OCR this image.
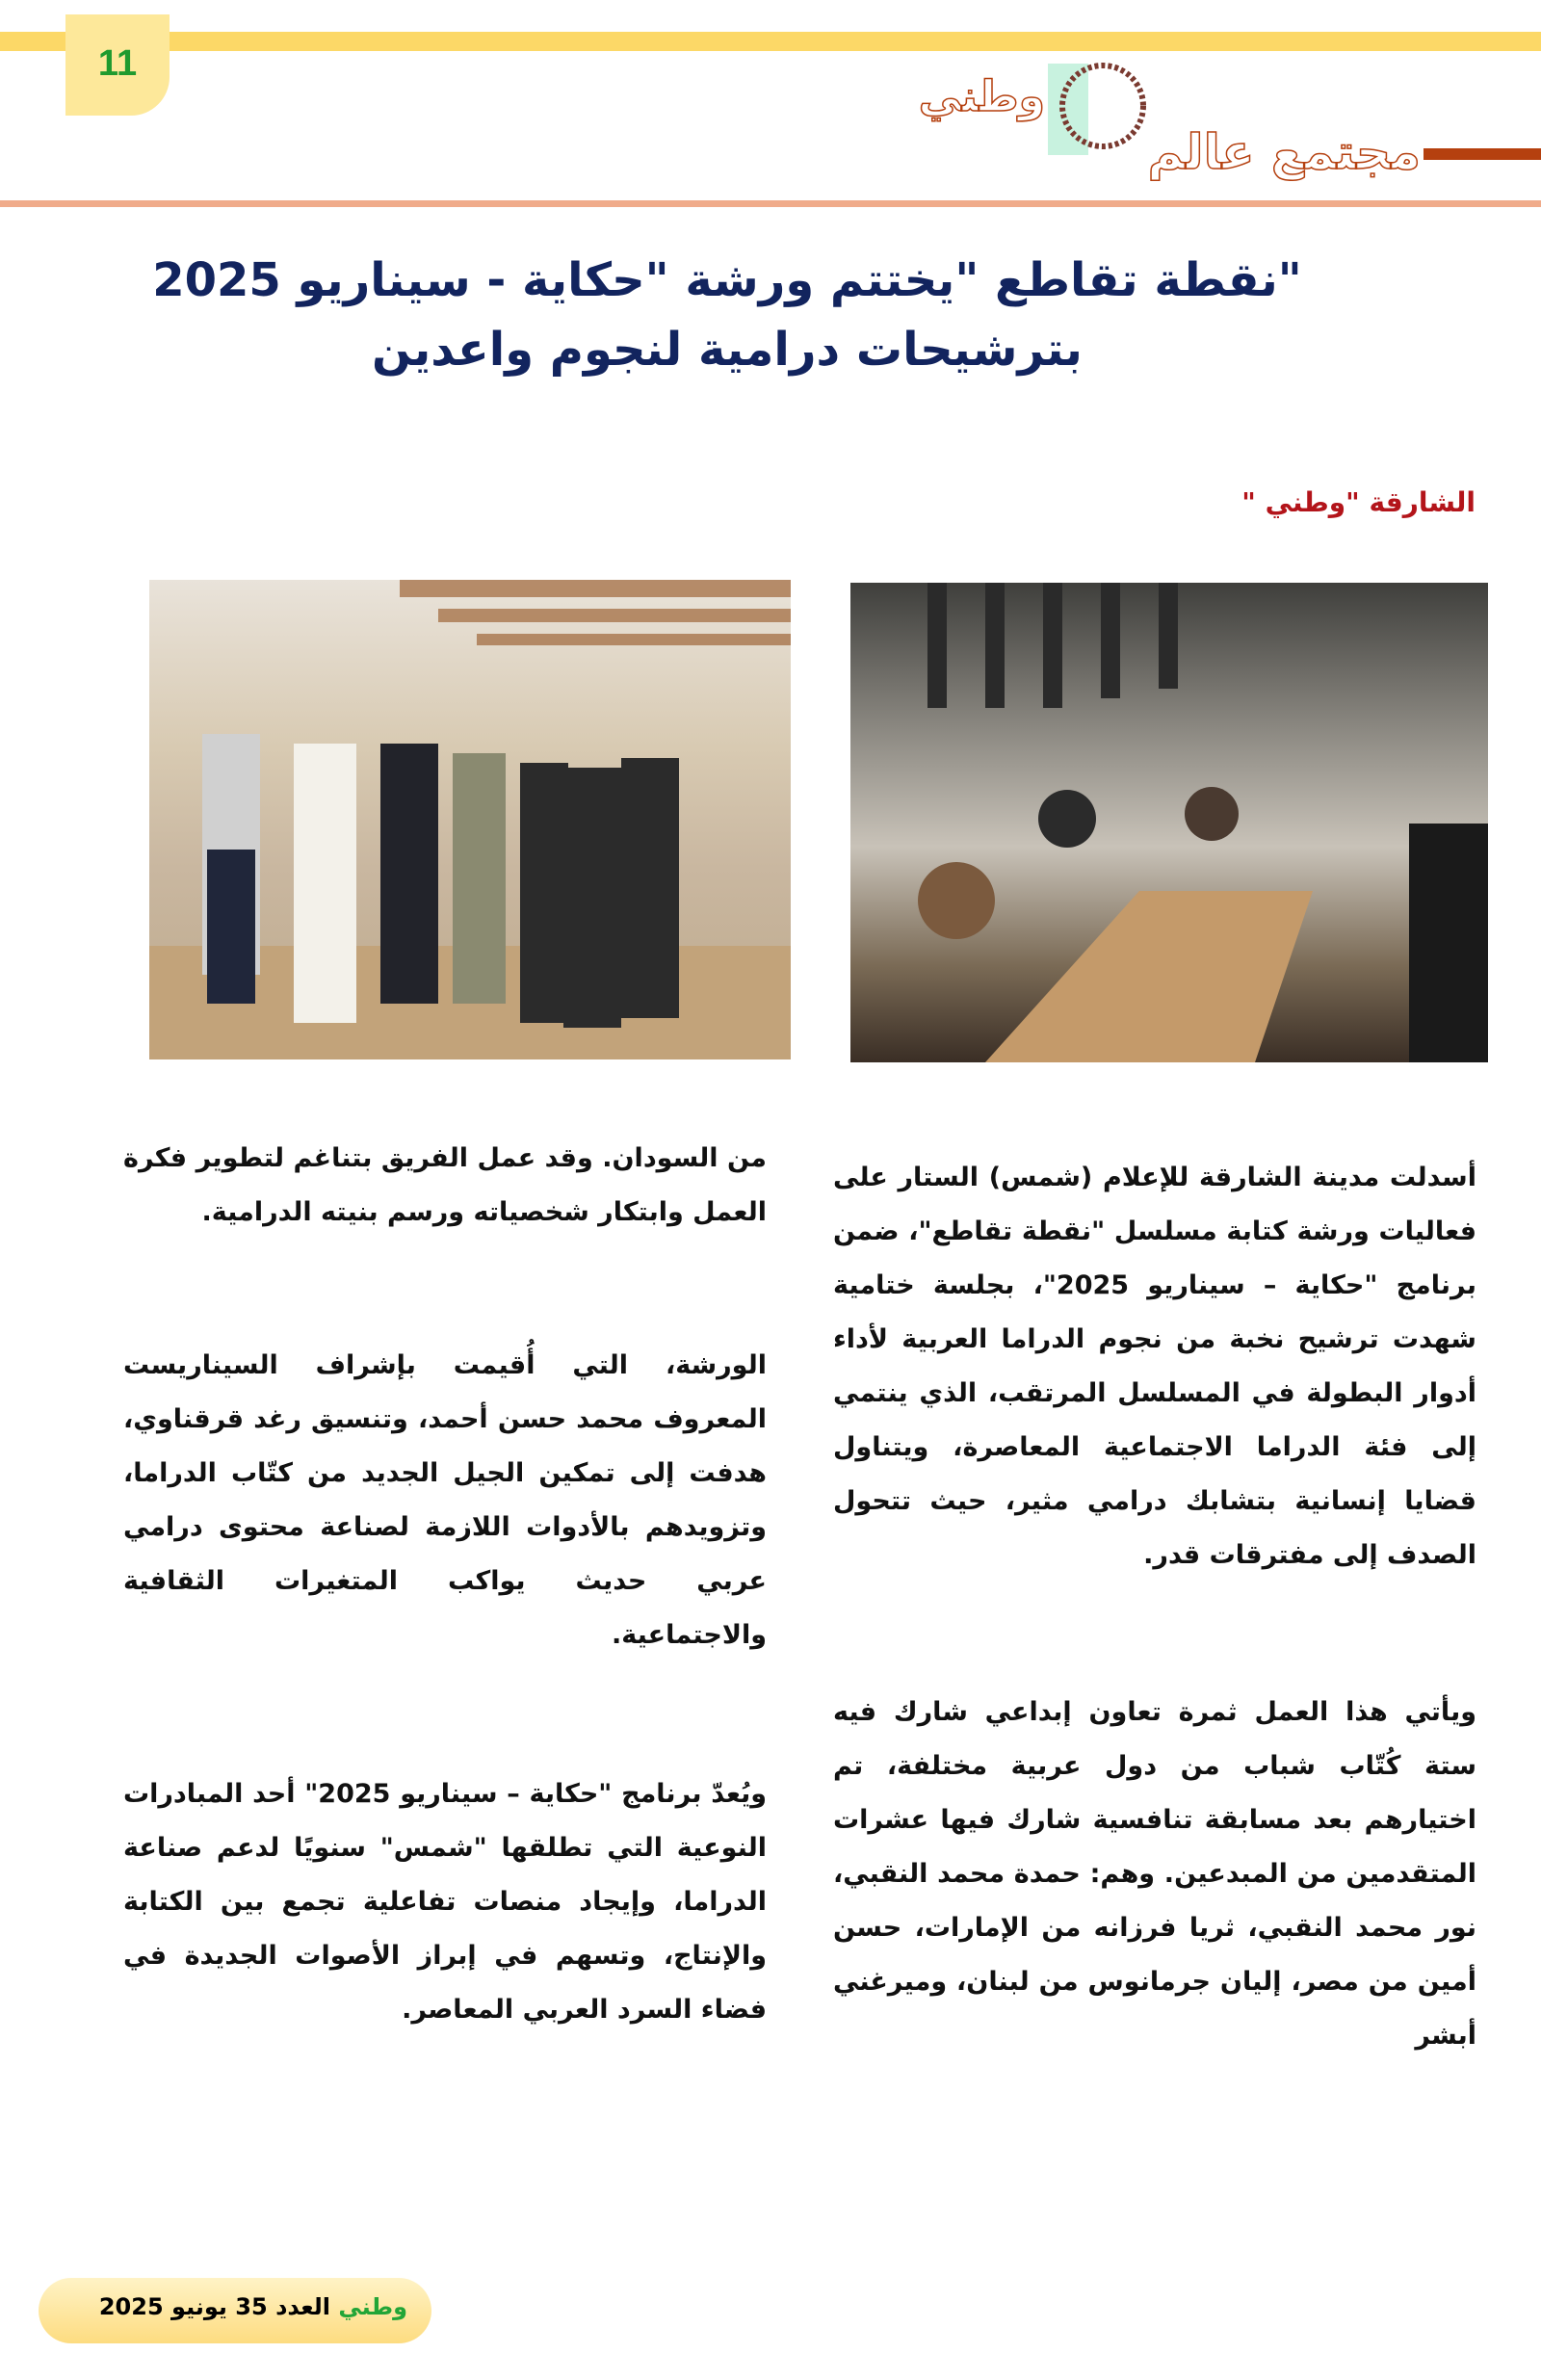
11
وطني
مجتمع عالم
"نقطة تقاطع "يختتم ورشة "حكاية - سيناريو 2025
بترشيحات درامية لنجوم واعدين
الشارقة "وطني "

أسدلت مدينة الشارقة للإعلام (شمس) الستار على فعاليات ورشة كتابة مسلسل "نقطة تقاطع"، ضمن برنامج "حكاية – سيناريو 2025"، بجلسة ختامية شهدت ترشيح نخبة من نجوم الدراما العربية لأداء أدوار البطولة في المسلسل المرتقب، الذي ينتمي إلى فئة الدراما الاجتماعية المعاصرة، ويتناول قضايا إنسانية بتشابك درامي مثير، حيث تتحول الصدف إلى مفترقات قدر.

ويأتي هذا العمل ثمرة تعاون إبداعي شارك فيه ستة كُتّاب شباب من دول عربية مختلفة، تم اختيارهم بعد مسابقة تنافسية شارك فيها عشرات المتقدمين من المبدعين. وهم: حمدة محمد النقبي، نور محمد النقبي، ثريا فرزانه من الإمارات، حسن أمين من مصر، إليان جرمانوس من لبنان، وميرغني أبشر

من السودان. وقد عمل الفريق بتناغم لتطوير فكرة العمل وابتكار شخصياته ورسم بنيته الدرامية.

الورشة، التي أُقيمت بإشراف السيناريست المعروف محمد حسن أحمد، وتنسيق رغد قرقناوي، هدفت إلى تمكين الجيل الجديد من كتّاب الدراما، وتزويدهم بالأدوات اللازمة لصناعة محتوى درامي عربي حديث يواكب المتغيرات الثقافية والاجتماعية.

ويُعدّ برنامج "حكاية – سيناريو 2025" أحد المبادرات النوعية التي تطلقها "شمس" سنويًا لدعم صناعة الدراما، وإيجاد منصات تفاعلية تجمع بين الكتابة والإنتاج، وتسهم في إبراز الأصوات الجديدة في فضاء السرد العربي المعاصر.

وطني العدد 35 يونيو 2025
